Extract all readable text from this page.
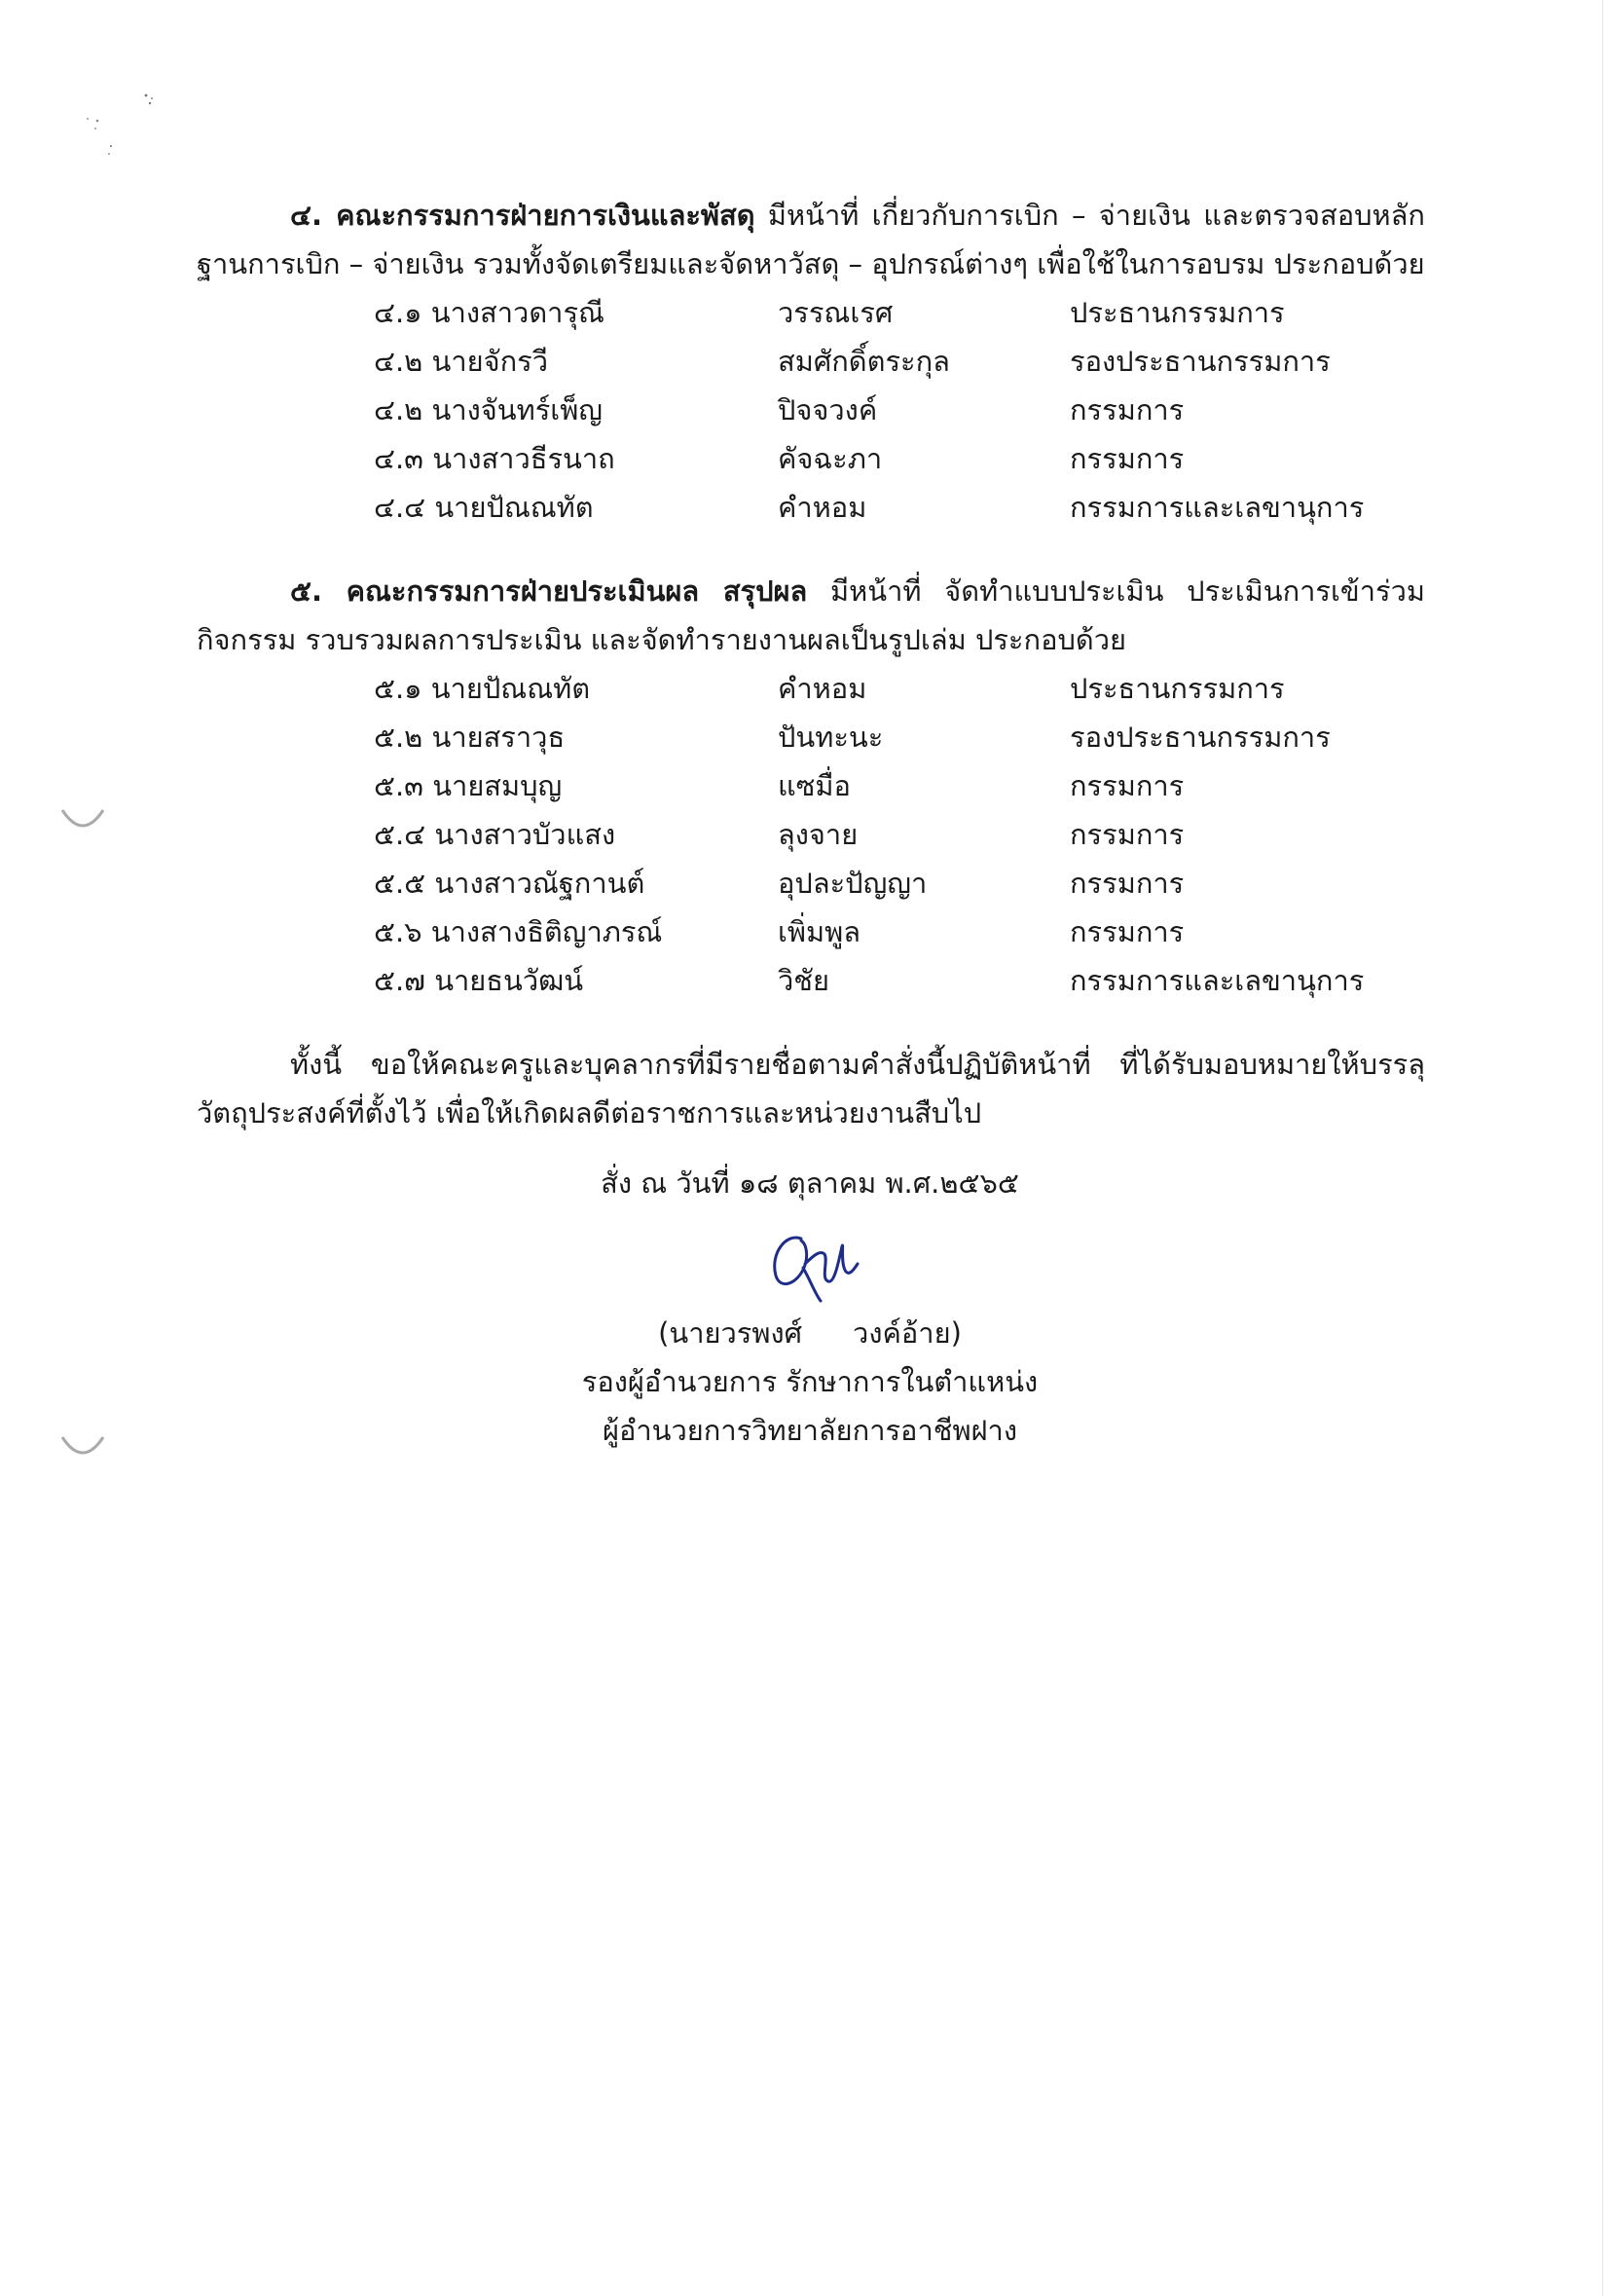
๔. คณะกรรมการฝ่ายการเงินและพัสดุ มีหน้าที่ เกี่ยวกับการเบิก – จ่ายเงิน และตรวจสอบหลักฐานการเบิก – จ่ายเงิน รวมทั้งจัดเตรียมและจัดหาวัสดุ – อุปกรณ์ต่างๆ เพื่อใช้ในการอบรม ประกอบด้วย

๔.๑ นางสาวดารุณี	วรรณเรศ	ประธานกรรมการ
๔.๒ นายจักรวี	สมศักดิ์ตระกุล	รองประธานกรรมการ
๔.๒ นางจันทร์เพ็ญ	ปิจจวงค์	กรรมการ
๔.๓ นางสาวธีรนาถ	คัจฉะภา	กรรมการ
๔.๔ นายปัณณทัต	คำหอม	กรรมการและเลขานุการ

๕. คณะกรรมการฝ่ายประเมินผล สรุปผล มีหน้าที่ จัดทำแบบประเมิน ประเมินการเข้าร่วมกิจกรรม รวบรวมผลการประเมิน และจัดทำรายงานผลเป็นรูปเล่ม ประกอบด้วย

๕.๑ นายปัณณทัต	คำหอม	ประธานกรรมการ
๕.๒ นายสราวุธ	ปันทะนะ	รองประธานกรรมการ
๕.๓ นายสมบุญ	แซมื่อ	กรรมการ
๕.๔ นางสาวบัวแสง	ลุงจาย	กรรมการ
๕.๕ นางสาวณัฐกานต์	อุปละปัญญา	กรรมการ
๕.๖ นางสางธิติญาภรณ์	เพิ่มพูล	กรรมการ
๕.๗ นายธนวัฒน์	วิชัย	กรรมการและเลขานุการ

ทั้งนี้ ขอให้คณะครูและบุคลากรที่มีรายชื่อตามคำสั่งนี้ปฏิบัติหน้าที่ ที่ได้รับมอบหมายให้บรรลุวัตถุประสงค์ที่ตั้งไว้ เพื่อให้เกิดผลดีต่อราชการและหน่วยงานสืบไป

สั่ง ณ วันที่ ๑๘ ตุลาคม พ.ศ.๒๕๖๕
(นายวรพงศ์ วงค์อ้าย)
รองผู้อำนวยการ รักษาการในตำแหน่ง
ผู้อำนวยการวิทยาลัยการอาชีพฝาง
